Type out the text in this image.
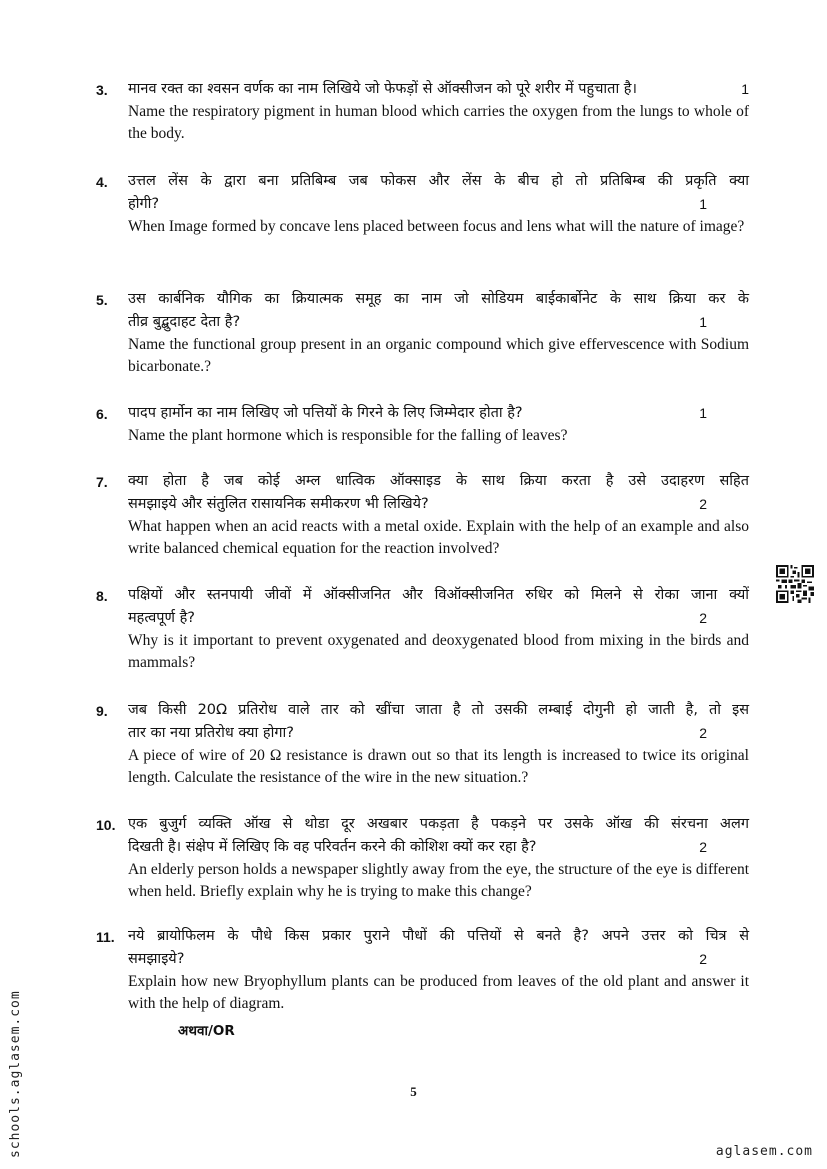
3. मानव रक्त का श्वसन वर्णक का नाम लिखिये जो फेफड़ों से ऑक्सीजन को पूरे शरीर में पहुचाता है।	1

Name the respiratory pigment in human blood which carries the oxygen from the lungs to whole of the body.

4. उत्तल लेंस के द्वारा बना प्रतिबिम्ब जब फोकस और लेंस के बीच हो तो प्रतिबिम्ब की प्रकृति क्या

होगी?	1

When Image formed by concave lens placed between focus and lens what will the nature of image?

5. उस कार्बनिक यौगिक का क्रियात्मक समूह का नाम जो सोडियम बाईकार्बोनेट के साथ क्रिया कर के

तीव्र बुद्बुदाहट देता है?	1

Name the functional group present in an organic compound which give effervescence with Sodium bicarbonate.?

6. पादप हार्मोन का नाम लिखिए जो पत्तियों के गिरने के लिए जिम्मेदार होता है?	1

Name the plant hormone which is responsible for the falling of leaves?

7. क्या होता है जब कोई अम्ल धात्विक ऑक्साइड के साथ क्रिया करता है उसे उदाहरण सहित

समझाइये और संतुलित रासायनिक समीकरण भी लिखिये?	2

What happen when an acid reacts with a metal oxide. Explain with the help of an example and also write balanced chemical equation for the reaction involved?

8. पक्षियों और स्तनपायी जीवों में ऑक्सीजनित और विऑक्सीजनित रुधिर को मिलने से रोका जाना क्यों

महत्वपूर्ण है?	2

Why is it important to prevent oxygenated and deoxygenated blood from mixing in the birds and mammals?

9. जब किसी 20Ω प्रतिरोध वाले तार को खींचा जाता है तो उसकी लम्बाई दोगुनी हो जाती है, तो इस

तार का नया प्रतिरोध क्या होगा?	2

A piece of wire of 20 Ω resistance is drawn out so that its length is increased to twice its original length. Calculate the resistance of the wire in the new situation.?

10. एक बुजुर्ग व्यक्ति ऑख से थोडा दूर अखबार पकड़ता है पकड़ने पर उसके ऑख की संरचना अलग

दिखती है। संक्षेप में लिखिए कि वह परिवर्तन करने की कोशिश क्यों कर रहा है?	2

An elderly person holds a newspaper slightly away from the eye, the structure of the eye is different when held. Briefly explain why he is trying to make this change?

11. नये ब्रायोफिलम के पौधे किस प्रकार पुराने पौधों की पत्तियों से बनते है? अपने उत्तर को चित्र से

समझाइये?	2

Explain how new Bryophyllum plants can be produced from leaves of the old plant and answer it with the help of diagram.

अथवा/OR
5
schools.aglasem.com	aglasem.com
